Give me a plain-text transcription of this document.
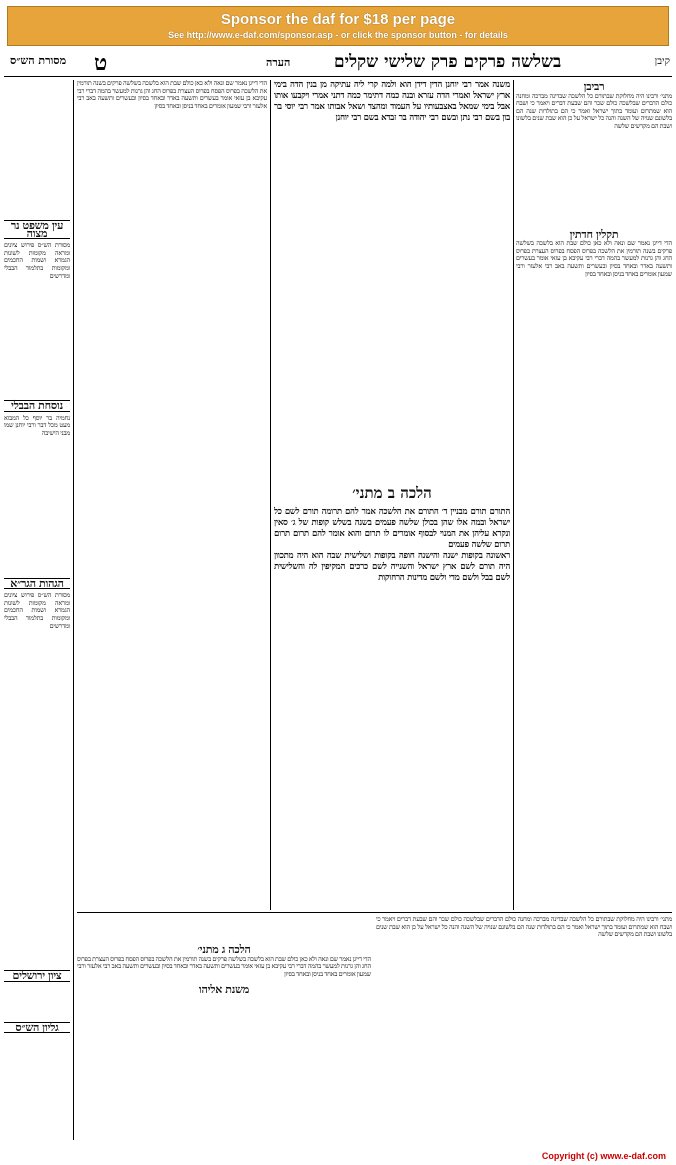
Sponsor the daf for $18 per page
See http://www.e-daf.com/sponsor.asp - or click the sponsor button - for details
מסורת הש״ס ט	הערה	בשלשה פרקים פרק שלישי שקלים	קיבן
עין משפט נר מצוה
מסורת הש״ס פירוש ציונים ומראה מקומות לשונות הגמרא ושמות החכמים ומקומות בתלמוד הבבלי ומדרשים
נוסחת הבבלי
נחמיה בר יוסף כל המבוא מעט מכל דבר ורבי יוחנן שמו מבני הישיבה
הגהות הגר״א
מסורת הש״ס פירוש ציונים ומראה מקומות לשונות הגמרא ושמות החכמים ומקומות בתלמוד הבבלי ומדרשים
ציון ירושלים
גליון הש״ס
הדי דייגן נאמר שם ונאה ולא כאן כולם שבת הוא בלשכה בשלשה פרקים בשנה תורמין את הלשכה בפרוס הפסח בפרוס העצרת בפרוס החג והן גרנות למעשר בהמה דברי רבי עקיבא בן עזאי אומר בעשרים ותשעה באדר ובאחד בסיון ובעשרים ותשעה באב רבי אלעזר ורבי שמעון אומרים באחד בניסן ובאחד בסיון
משנה אמר רבי יוחנן הדין דידן הוא ולמה קרי ליה עתיקה מן בנין הדה בימי ארץ ישראל ואמרי הדה עזרא ובנה כמה דתימר כמה דתני אמרי ויקבעו אותו אבל בימי שמאל באצבעותיו על העמוד ומהצד ושאל אבותו אמר רבי יוסי בר בון בשם רבי נתן ובשם רבי יהודה בר זבדא בשם רבי יוחנן
הלכה ב מתני׳
התורם תורם מבניין ד׳ התורם את הלשכה אמר להם תרומה תורם לשם כל ישראל ובמה אלו שהן בכולן שלשה פעמים בשנה בשלש קופות של ג׳ סאין ונקרא עליהן את המנוי לבסוף אומרים לו תרום והוא אומר להם תרום תרום תרום שלשה פעמים
ראשונה בקופות ישנה והישנה חופה בקופות ושלישית שבה הוא היה מתכוון היה תורם לשם ארץ ישראל והשנייה לשם כרכים המקיפין לה והשלישית לשם בבל ולשם מדי ולשם מדינות הרחוקות
רביבן
מתני׳ ורבינו היה מחלוקת שבתורם כל הלשכה שבדינה מברכה ומחנה כולם הדברים שבלשכה כולם שכר והם שבעת דברים ויאמר כי ושבח הוא שמתרום ועומד בתוך ישראל ואמר כי הם בתולדות שנה הם בלשונם שנויה של השנה והנה כל ישראל על כן הוא שבת שנים בלשונו ושבת הם מקדשים שלשה
תקלין חדתין
הדי דייגן נאמר שם ונאה ולא כאן כולם שבת הוא בלשכה בשלשה פרקים בשנה תורמין את הלשכה בפרוס הפסח בפרוס העצרת בפרוס החג והן גרנות למעשר בהמה דברי רבי עקיבא בן עזאי אומר בעשרים ותשעה באדר ובאחד בסיון ובעשרים ותשעה באב רבי אלעזר ורבי שמעון אומרים באחד בניסן ובאחד בסיון
מתני׳ ורבינו היה מחלוקת שבתורם כל הלשכה שבדינה מברכה ומחנה כולם הדברים שבלשכה כולם שכר והם שבעת דברים ויאמר כי ושבח הוא שמתרום ועומד בתוך ישראל ואמר כי הם בתולדות שנה הם בלשונם שנויה של השנה והנה כל ישראל על כן הוא שבת שנים בלשונו ושבת הם מקדשים שלשה
הלכה ג מתני׳
הדי דייגן נאמר שם ונאה ולא כאן כולם שבת הוא בלשכה בשלשה פרקים בשנה תורמין את הלשכה בפרוס הפסח בפרוס העצרת בפרוס החג והן גרנות למעשר בהמה דברי רבי עקיבא בן עזאי אומר בעשרים ותשעה באדר ובאחד בסיון ובעשרים ותשעה באב רבי אלעזר ורבי שמעון אומרים באחד בניסן ובאחד בסיון
משנת אליהו
Copyright (c) www.e-daf.com
